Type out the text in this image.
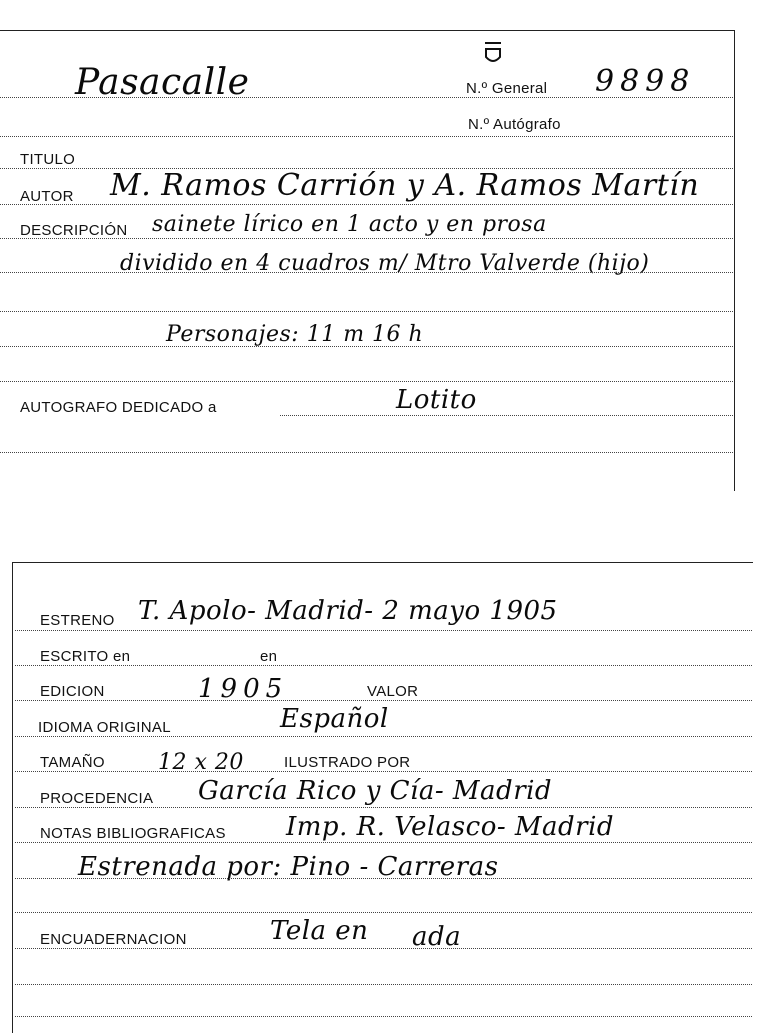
Pasacalle	N.º General 9898
N.º Autógrafo
TITULO
AUTOR M. Ramos Carrión y A. Ramos Martín
DESCRIPCIÓN sainete lírico en 1 acto y en prosa
dividido en 4 cuadros m/ Mtro Valverde (hijo)
Personajes: 11 m 16 h
AUTOGRAFO DEDICADO a	Lotito
ESTRENO T. Apolo- Madrid- 2 mayo 1905
ESCRITO en	en
EDICION	1905	VALOR
IDIOMA ORIGINAL	Español
TAMAÑO 12 x 20	ILUSTRADO POR
PROCEDENCIA García Rico y Cía- Madrid
NOTAS BIBLIOGRAFICAS Imp. R. Velasco- Madrid
Estrenada por: Pino - Carreras
ENCUADERNACION	Tela en ada
